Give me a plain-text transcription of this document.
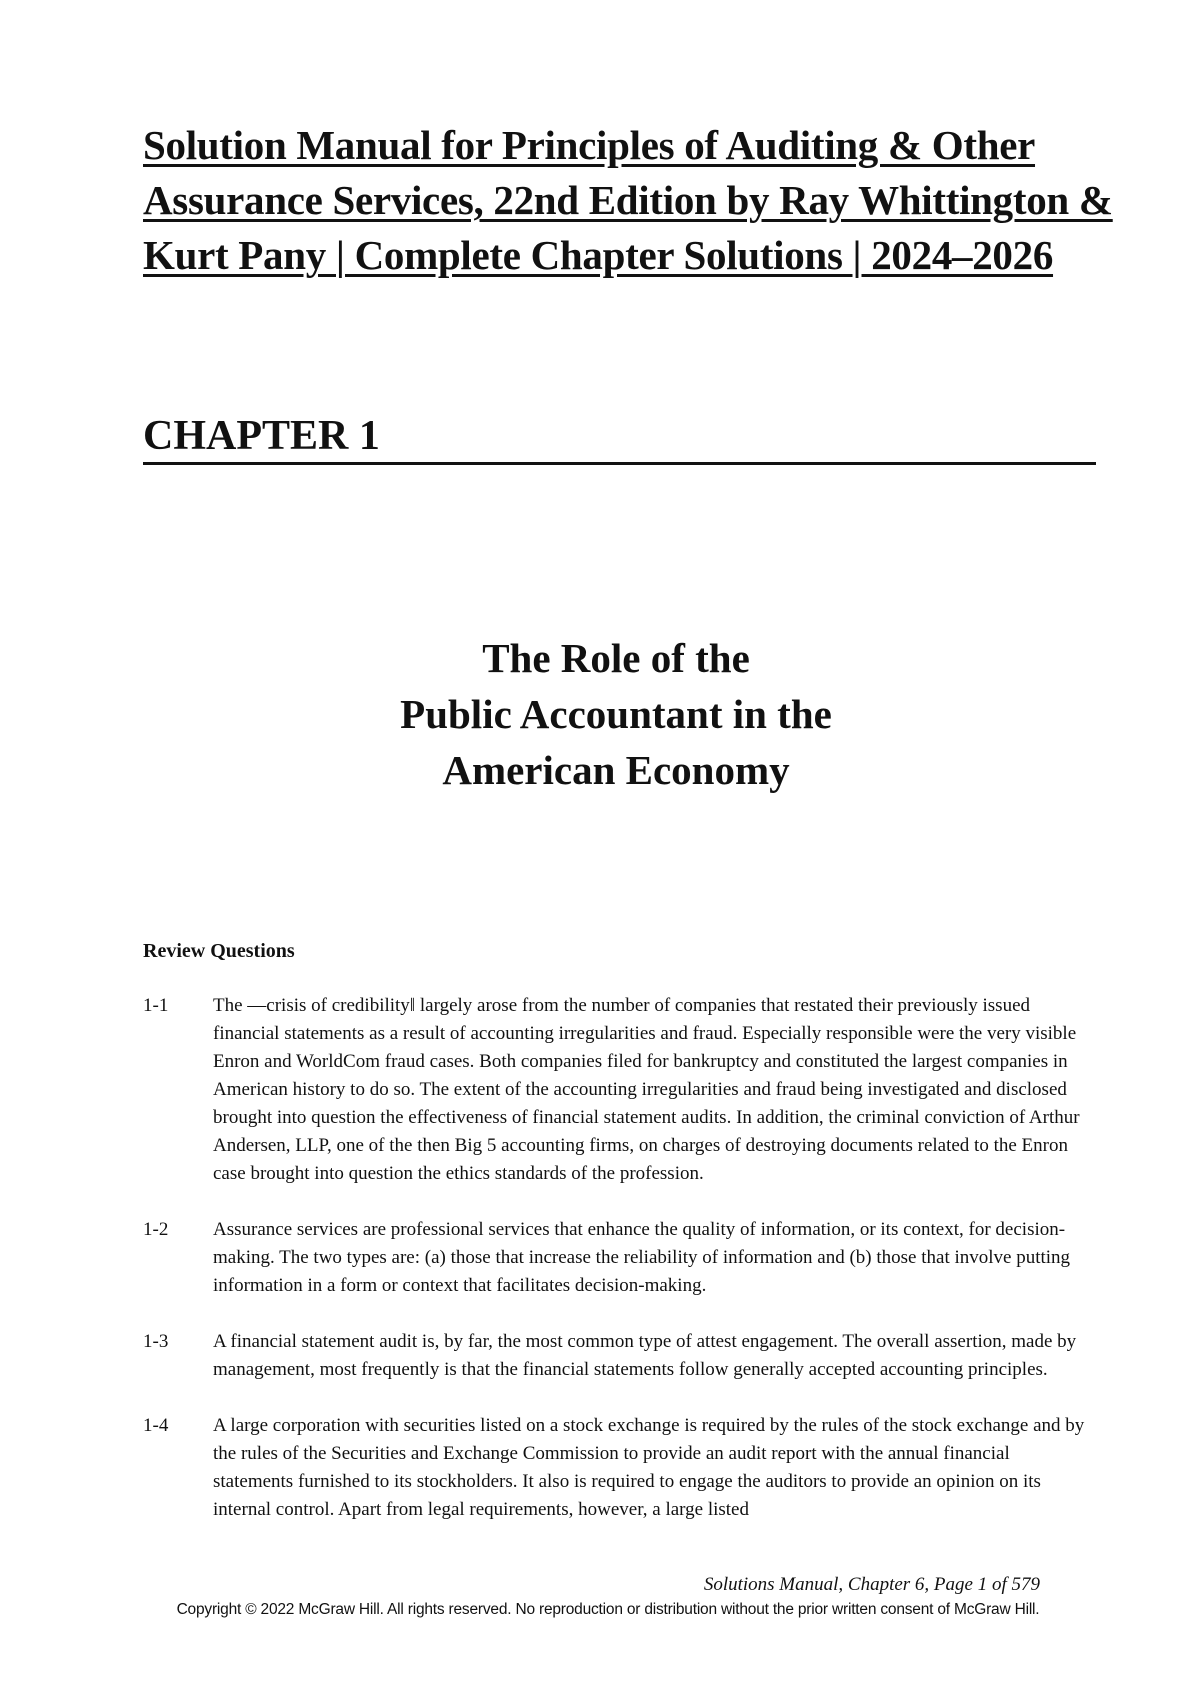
Solution Manual for Principles of Auditing & Other Assurance Services, 22nd Edition by Ray Whittington & Kurt Pany | Complete Chapter Solutions | 2024–2026
CHAPTER 1
The Role of the
Public Accountant in the
American Economy
Review Questions
1-1 The ―crisis of credibility‖ largely arose from the number of companies that restated their previously issued financial statements as a result of accounting irregularities and fraud. Especially responsible were the very visible Enron and WorldCom fraud cases. Both companies filed for bankruptcy and constituted the largest companies in American history to do so. The extent of the accounting irregularities and fraud being investigated and disclosed brought into question the effectiveness of financial statement audits. In addition, the criminal conviction of Arthur Andersen, LLP, one of the then Big 5 accounting firms, on charges of destroying documents related to the Enron case brought into question the ethics standards of the profession.
1-2 Assurance services are professional services that enhance the quality of information, or its context, for decision-making. The two types are: (a) those that increase the reliability of information and (b) those that involve putting information in a form or context that facilitates decision-making.
1-3 A financial statement audit is, by far, the most common type of attest engagement. The overall assertion, made by management, most frequently is that the financial statements follow generally accepted accounting principles.
1-4 A large corporation with securities listed on a stock exchange is required by the rules of the stock exchange and by the rules of the Securities and Exchange Commission to provide an audit report with the annual financial statements furnished to its stockholders. It also is required to engage the auditors to provide an opinion on its internal control. Apart from legal requirements, however, a large listed
Solutions Manual, Chapter 6, Page 1 of 579
Copyright © 2022 McGraw Hill. All rights reserved. No reproduction or distribution without the prior written consent of McGraw Hill.
